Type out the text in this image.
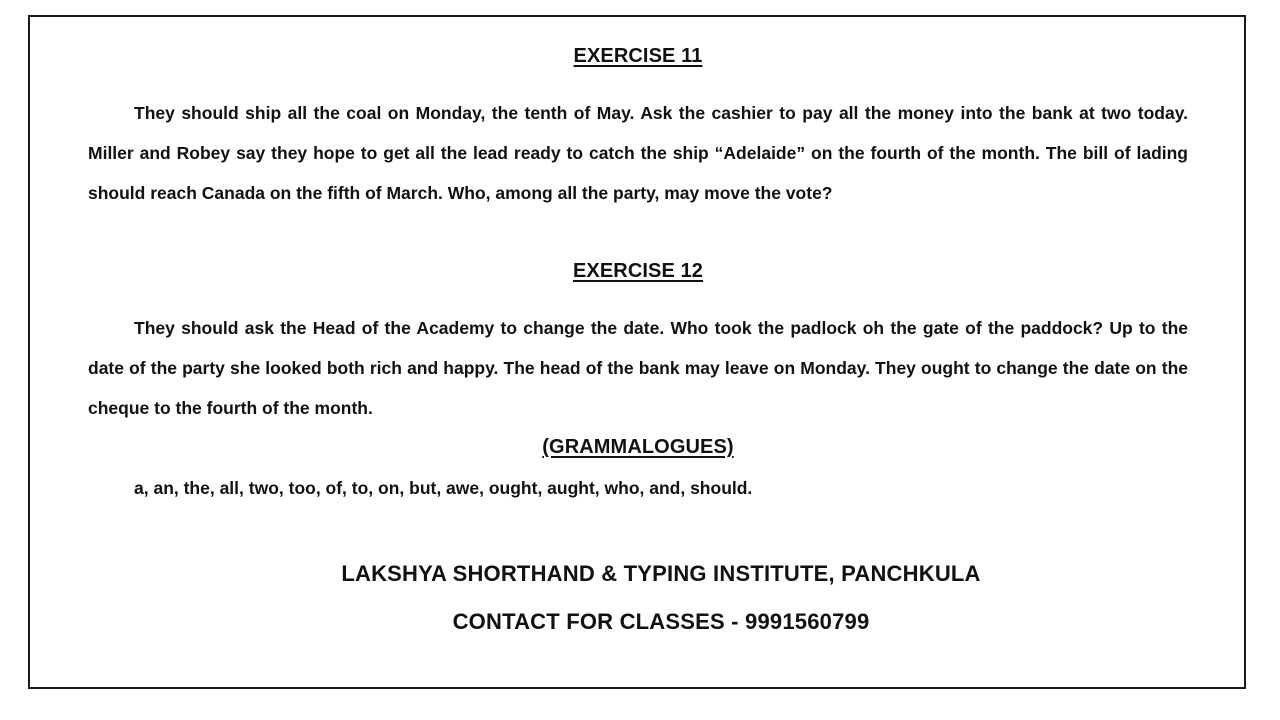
EXERCISE 11

They should ship all the coal on Monday, the tenth of May. Ask the cashier to pay all the money into the bank at two today. Miller and Robey say they hope to get all the lead ready to catch the ship “Adelaide” on the fourth of the month. The bill of lading should reach Canada on the fifth of March. Who, among all the party, may move the vote?

EXERCISE 12

They should ask the Head of the Academy to change the date. Who took the padlock oh the gate of the paddock? Up to the date of the party she looked both rich and happy. The head of the bank may leave on Monday. They ought to change the date on the cheque to the fourth of the month.

(GRAMMALOGUES)
a, an, the, all, two, too, of, to, on, but, awe, ought, aught, who, and, should.
LAKSHYA SHORTHAND & TYPING INSTITUTE, PANCHKULA
CONTACT FOR CLASSES - 9991560799
